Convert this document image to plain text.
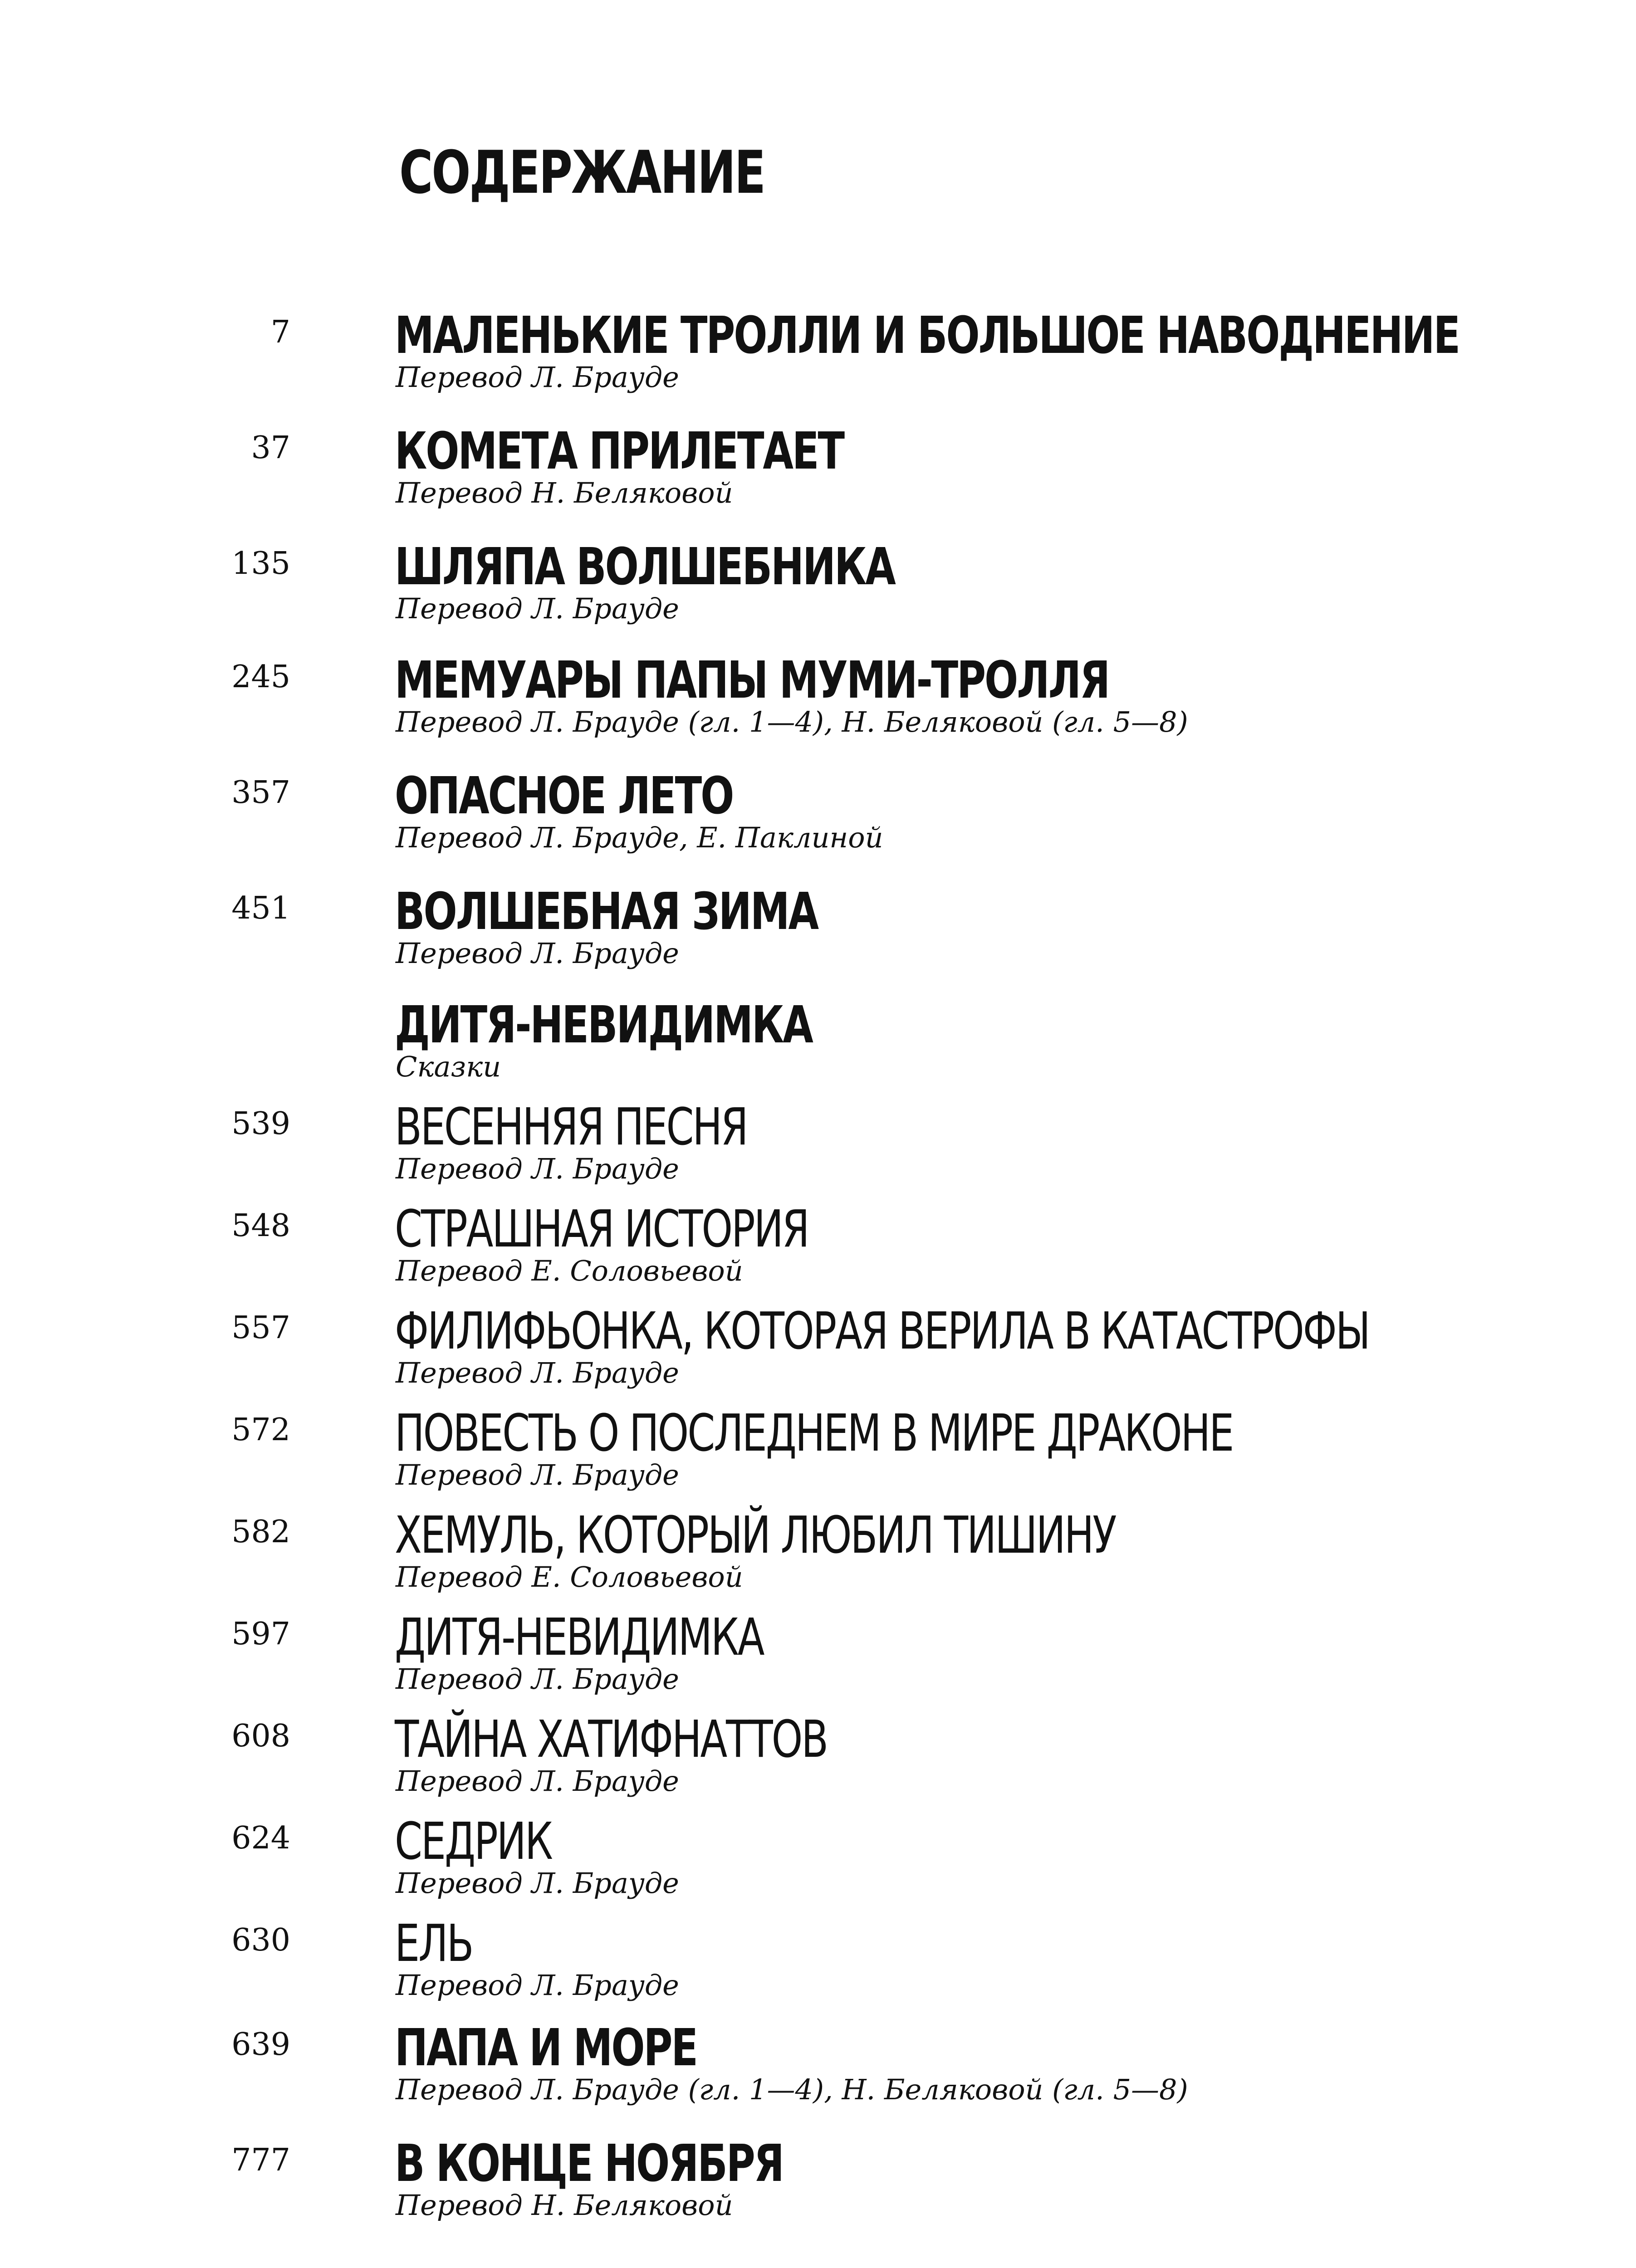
СОДЕРЖАНИЕ
7 МАЛЕНЬКИЕ ТРОЛЛИ И БОЛЬШОЕ НАВОДНЕНИЕ
Перевод Л. Брауде
37 КОМЕТА ПРИЛЕТАЕТ
Перевод Н. Беляковой
135 ШЛЯПА ВОЛШЕБНИКА
Перевод Л. Брауде
245 МЕМУАРЫ ПАПЫ МУМИ-ТРОЛЛЯ
Перевод Л. Брауде (гл. 1—4), Н. Беляковой (гл. 5—8)
357 ОПАСНОЕ ЛЕТО
Перевод Л. Брауде, Е. Паклиной
451 ВОЛШЕБНАЯ ЗИМА
Перевод Л. Брауде
ДИТЯ-НЕВИДИМКА
Сказки
539 ВЕСЕННЯЯ ПЕСНЯ
Перевод Л. Брауде
548 СТРАШНАЯ ИСТОРИЯ
Перевод Е. Соловьевой
557 ФИЛИФЬОНКА, КОТОРАЯ ВЕРИЛА В КАТАСТРОФЫ
Перевод Л. Брауде
572 ПОВЕСТЬ О ПОСЛЕДНЕМ В МИРЕ ДРАКОНЕ
Перевод Л. Брауде
582 ХЕМУЛЬ, КОТОРЫЙ ЛЮБИЛ ТИШИНУ
Перевод Е. Соловьевой
597 ДИТЯ-НЕВИДИМКА
Перевод Л. Брауде
608 ТАЙНА ХАТИФНАТТОВ
Перевод Л. Брауде
624 СЕДРИК
Перевод Л. Брауде
630 ЕЛЬ
Перевод Л. Брауде
639 ПАПА И МОРЕ
Перевод Л. Брауде (гл. 1—4), Н. Беляковой (гл. 5—8)
777 В КОНЦЕ НОЯБРЯ
Перевод Н. Беляковой
